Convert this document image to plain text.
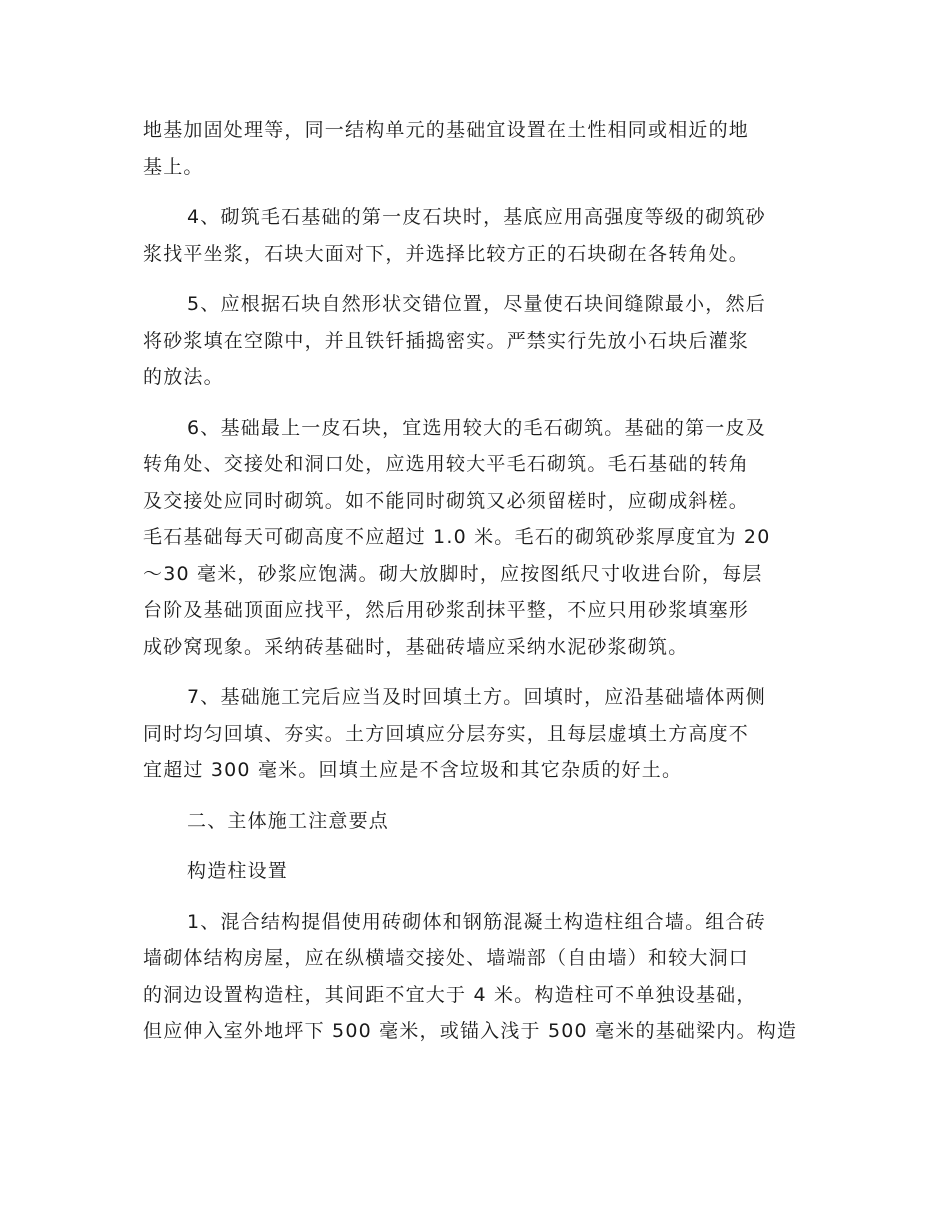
地基加固处理等，同一结构单元的基础宜设置在土性相同或相近的地
基上。

4、砌筑毛石基础的第一皮石块时，基底应用高强度等级的砌筑砂
浆找平坐浆，石块大面对下，并选择比较方正的石块砌在各转角处。

5、应根据石块自然形状交错位置，尽量使石块间缝隙最小，然后
将砂浆填在空隙中，并且铁钎插捣密实。严禁实行先放小石块后灌浆
的放法。

6、基础最上一皮石块，宜选用较大的毛石砌筑。基础的第一皮及
转角处、交接处和洞口处，应选用较大平毛石砌筑。毛石基础的转角
及交接处应同时砌筑。如不能同时砌筑又必须留槎时，应砌成斜槎。
毛石基础每天可砌高度不应超过 1.0 米。毛石的砌筑砂浆厚度宜为 20
～30 毫米，砂浆应饱满。砌大放脚时，应按图纸尺寸收进台阶，每层
台阶及基础顶面应找平，然后用砂浆刮抹平整，不应只用砂浆填塞形
成砂窝现象。采纳砖基础时，基础砖墙应采纳水泥砂浆砌筑。

7、基础施工完后应当及时回填土方。回填时，应沿基础墙体两侧
同时均匀回填、夯实。土方回填应分层夯实，且每层虚填土方高度不
宜超过 300 毫米。回填土应是不含垃圾和其它杂质的好土。

二、主体施工注意要点

构造柱设置

1、混合结构提倡使用砖砌体和钢筋混凝土构造柱组合墙。组合砖
墙砌体结构房屋，应在纵横墙交接处、墙端部（自由墙）和较大洞口
的洞边设置构造柱，其间距不宜大于 4 米。构造柱可不单独设基础，
但应伸入室外地坪下 500 毫米，或锚入浅于 500 毫米的基础梁内。构造
